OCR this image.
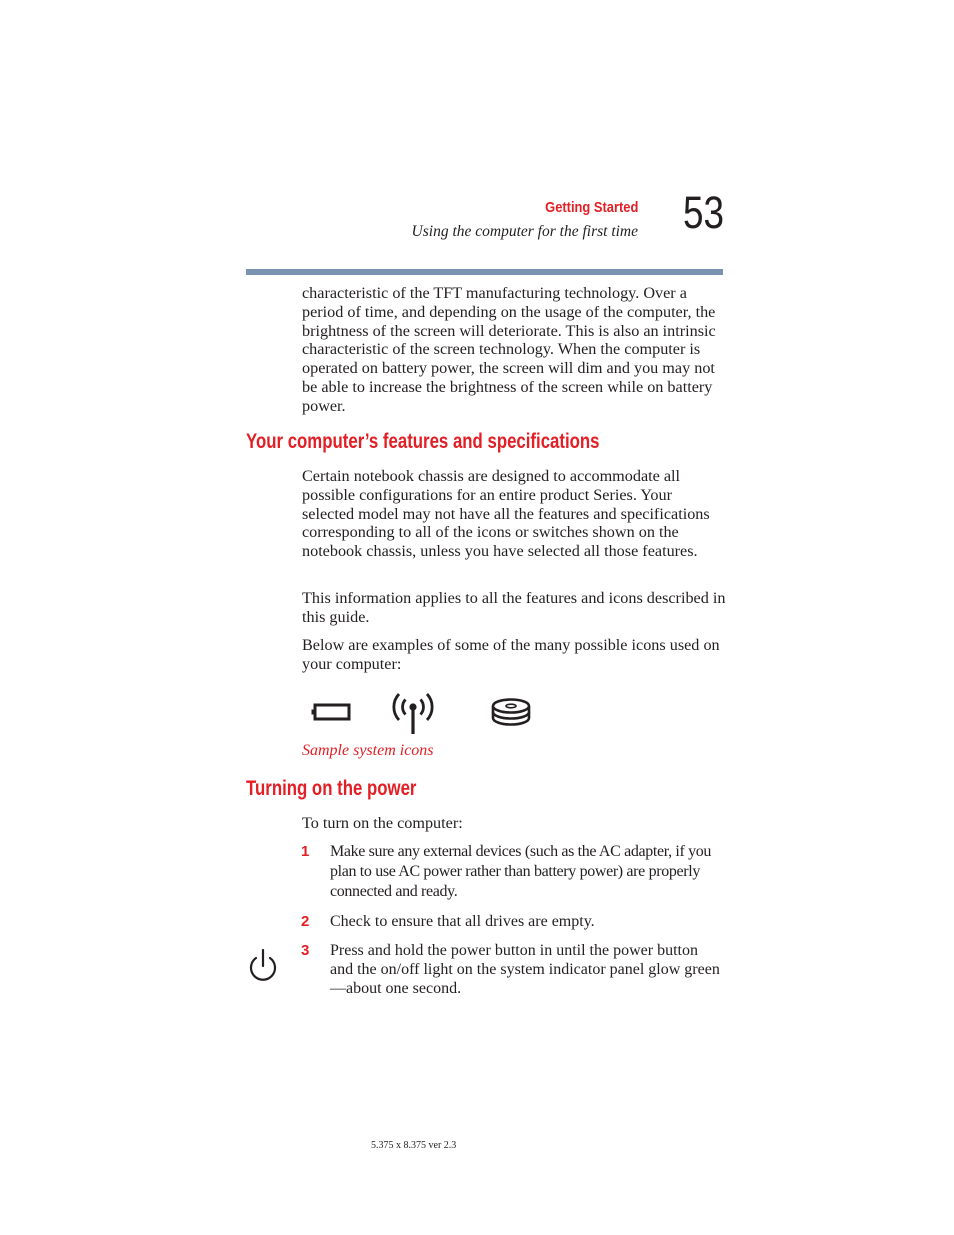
Getting Started
Using the computer for the first time 53
characteristic of the TFT manufacturing technology. Over a period of time, and depending on the usage of the computer, the brightness of the screen will deteriorate. This is also an intrinsic characteristic of the screen technology. When the computer is operated on battery power, the screen will dim and you may not be able to increase the brightness of the screen while on battery power.
Your computer’s features and specifications
Certain notebook chassis are designed to accommodate all possible configurations for an entire product Series. Your selected model may not have all the features and specifications corresponding to all of the icons or switches shown on the notebook chassis, unless you have selected all those features.
This information applies to all the features and icons described in this guide.
Below are examples of some of the many possible icons used on your computer:
Sample system icons
Turning on the power
To turn on the computer:
1 Make sure any external devices (such as the AC adapter, if you plan to use AC power rather than battery power) are properly connected and ready.
2 Check to ensure that all drives are empty.
3 Press and hold the power button in until the power button and the on/off light on the system indicator panel glow green—about one second.
5.375 x 8.375 ver 2.3
